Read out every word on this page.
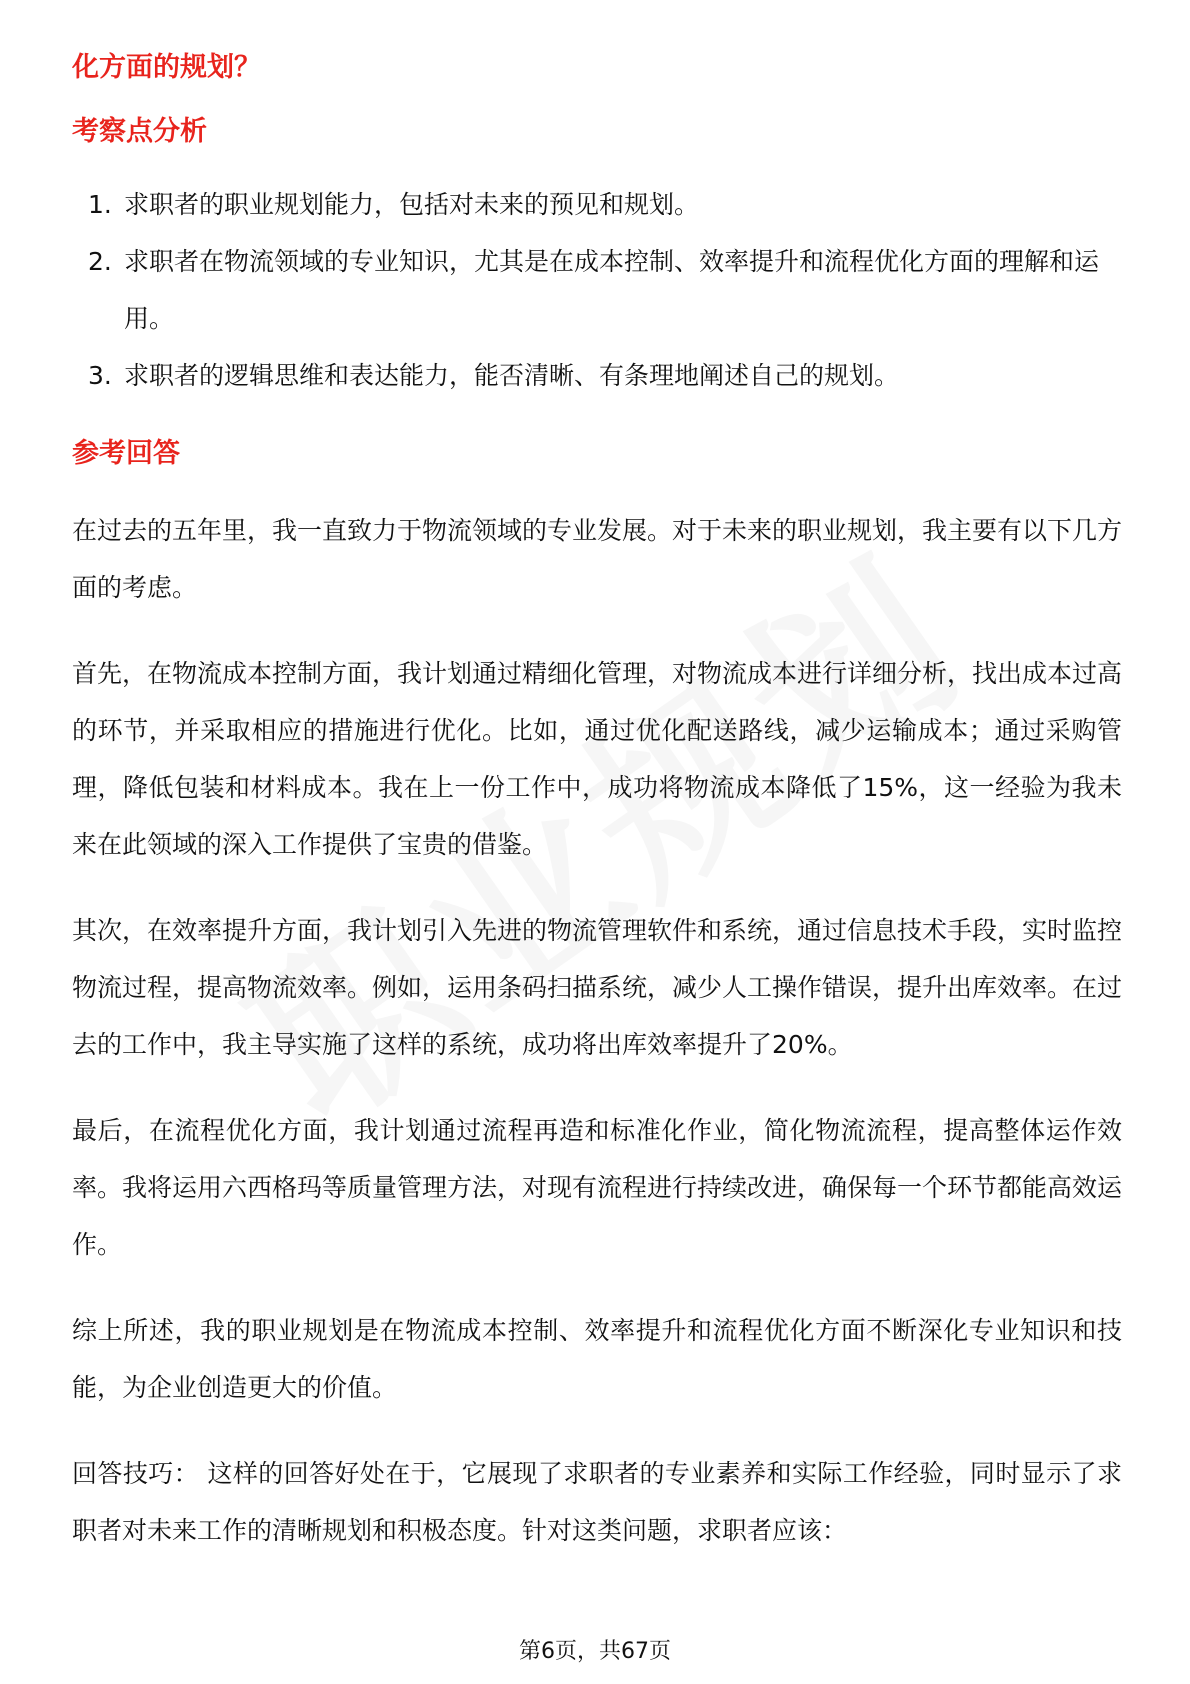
化方面的规划？
考察点分析
1. 求职者的职业规划能力，包括对未来的预见和规划。
2. 求职者在物流领域的专业知识，尤其是在成本控制、效率提升和流程优化方面的理解和运用。
3. 求职者的逻辑思维和表达能力，能否清晰、有条理地阐述自己的规划。
参考回答

在过去的五年里，我一直致力于物流领域的专业发展。对于未来的职业规划，我主要有以下几方面的考虑。

首先，在物流成本控制方面，我计划通过精细化管理，对物流成本进行详细分析，找出成本过高的环节，并采取相应的措施进行优化。比如，通过优化配送路线，减少运输成本；通过采购管理，降低包装和材料成本。我在上一份工作中，成功将物流成本降低了15%，这一经验为我未来在此领域的深入工作提供了宝贵的借鉴。

其次，在效率提升方面，我计划引入先进的物流管理软件和系统，通过信息技术手段，实时监控物流过程，提高物流效率。例如，运用条码扫描系统，减少人工操作错误，提升出库效率。在过去的工作中，我主导实施了这样的系统，成功将出库效率提升了20%。

最后，在流程优化方面，我计划通过流程再造和标准化作业，简化物流流程，提高整体运作效率。我将运用六西格玛等质量管理方法，对现有流程进行持续改进，确保每一个环节都能高效运作。

综上所述，我的职业规划是在物流成本控制、效率提升和流程优化方面不断深化专业知识和技能，为企业创造更大的价值。

回答技巧： 这样的回答好处在于，它展现了求职者的专业素养和实际工作经验，同时显示了求职者对未来工作的清晰规划和积极态度。针对这类问题，求职者应该：

第6页，共67页
